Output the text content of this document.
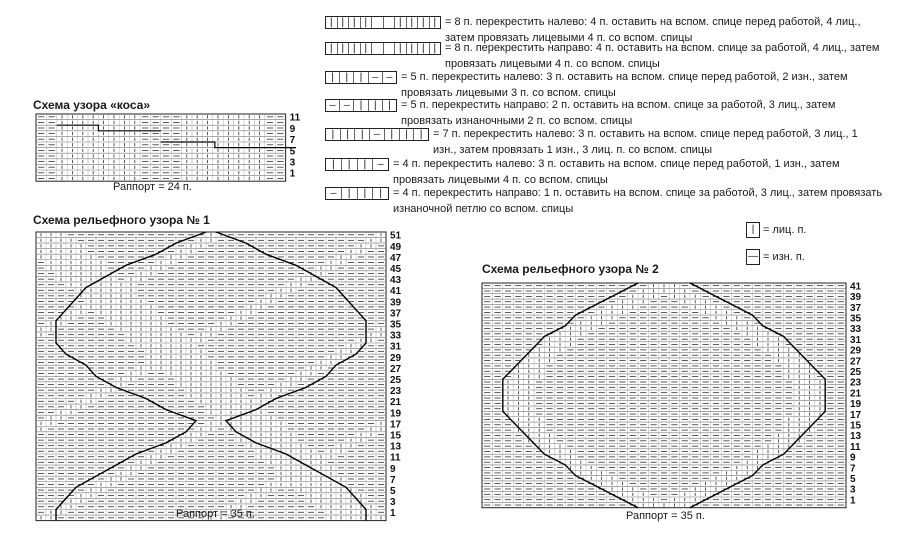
| | | |	| | | | = 8 п. перекрестить налево: 4 п. оставить на вспом. спице перед работой, 4 лиц., затем провязать лицевыми 4 п. со вспом. спицы
| | | |	| | | | = 8 п. перекрестить направо: 4 п. оставить на вспом. спице за работой, 4 лиц., затем провязать лицевыми 4 п. со вспом. спицы
| | | — — = 5 п. перекрестить налево: 3 п. оставить на вспом. спице перед работой, 2 изн., затем провязать лицевыми 3 п. со вспом. спицы
— — | | | = 5 п. перекрестить направо: 2 п. оставить на вспом. спице за работой, 3 лиц., затем провязать изнаночными 2 п. со вспом. спицы
| | | — | | | = 7 п. перекрестить налево: 3 п. оставить на вспом. спице перед работой, 3 лиц., 1 изн., затем провязать 1 изн., 3 лиц. п. со вспом. спицы
| | | — = 4 п. перекрестить налево: 3 п. оставить на вспом. спице перед работой, 1 изн., затем провязать лицевыми 4 п. со вспом. спицы
— | | | = 4 п. перекрестить направо: 1 п. оставить на вспом. спице за работой, 3 лиц., затем провязать изнаночной петлю со вспом. спицы
| = лиц. п.
— = изн. п.
Схема узора «коса»
11
9
7
5
3
1
Раппорт = 24 п.
Схема рельефного узора № 1
51
49
47
45
43
41
39
37
35
33
31
29
27
25
23
21
19
17
15
13
11
9
7
5
3
1
Раппорт = 35 п.
Схема рельефного узора № 2
41
39
37
35
33
31
29
27
25
23
21
19
17
15
13
11
9
7
5
3
1
Раппорт = 35 п.
